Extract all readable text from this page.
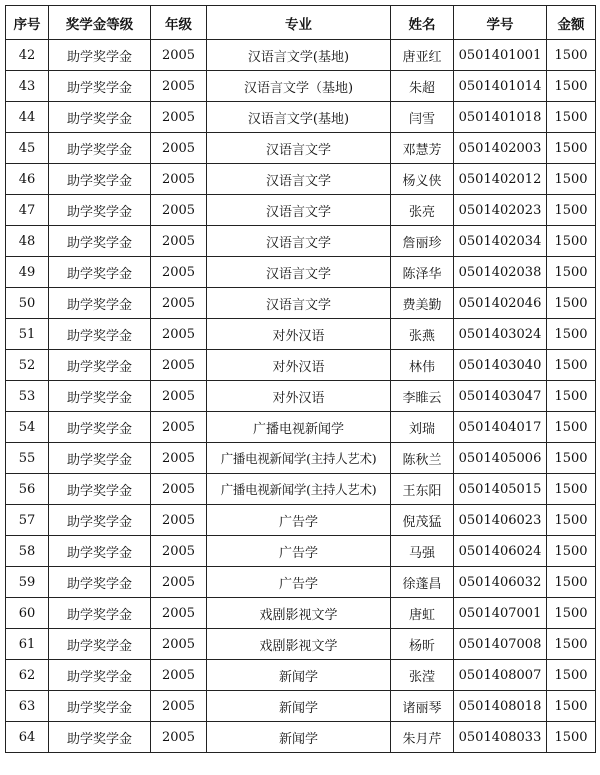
序号	奖学金等级	年级	专业	姓名	学号	金额
42	助学奖学金	2005	汉语言文学(基地)	唐亚红	0501401001	1500
43	助学奖学金	2005	汉语言文学（基地)	朱超	0501401014	1500
44	助学奖学金	2005	汉语言文学(基地)	闫雪	0501401018	1500
45	助学奖学金	2005	汉语言文学	邓慧芳	0501402003	1500
46	助学奖学金	2005	汉语言文学	杨义侠	0501402012	1500
47	助学奖学金	2005	汉语言文学	张亮	0501402023	1500
48	助学奖学金	2005	汉语言文学	詹丽珍	0501402034	1500
49	助学奖学金	2005	汉语言文学	陈泽华	0501402038	1500
50	助学奖学金	2005	汉语言文学	费美勤	0501402046	1500
51	助学奖学金	2005	对外汉语	张燕	0501403024	1500
52	助学奖学金	2005	对外汉语	林伟	0501403040	1500
53	助学奖学金	2005	对外汉语	李睢云	0501403047	1500
54	助学奖学金	2005	广播电视新闻学	刘瑞	0501404017	1500
55	助学奖学金	2005	广播电视新闻学(主持人艺术)	陈秋兰	0501405006	1500
56	助学奖学金	2005	广播电视新闻学(主持人艺术)	王东阳	0501405015	1500
57	助学奖学金	2005	广告学	倪茂猛	0501406023	1500
58	助学奖学金	2005	广告学	马强	0501406024	1500
59	助学奖学金	2005	广告学	徐蓬昌	0501406032	1500
60	助学奖学金	2005	戏剧影视文学	唐虹	0501407001	1500
61	助学奖学金	2005	戏剧影视文学	杨昕	0501407008	1500
62	助学奖学金	2005	新闻学	张滢	0501408007	1500
63	助学奖学金	2005	新闻学	诸丽琴	0501408018	1500
64	助学奖学金	2005	新闻学	朱月芹	0501408033	1500
